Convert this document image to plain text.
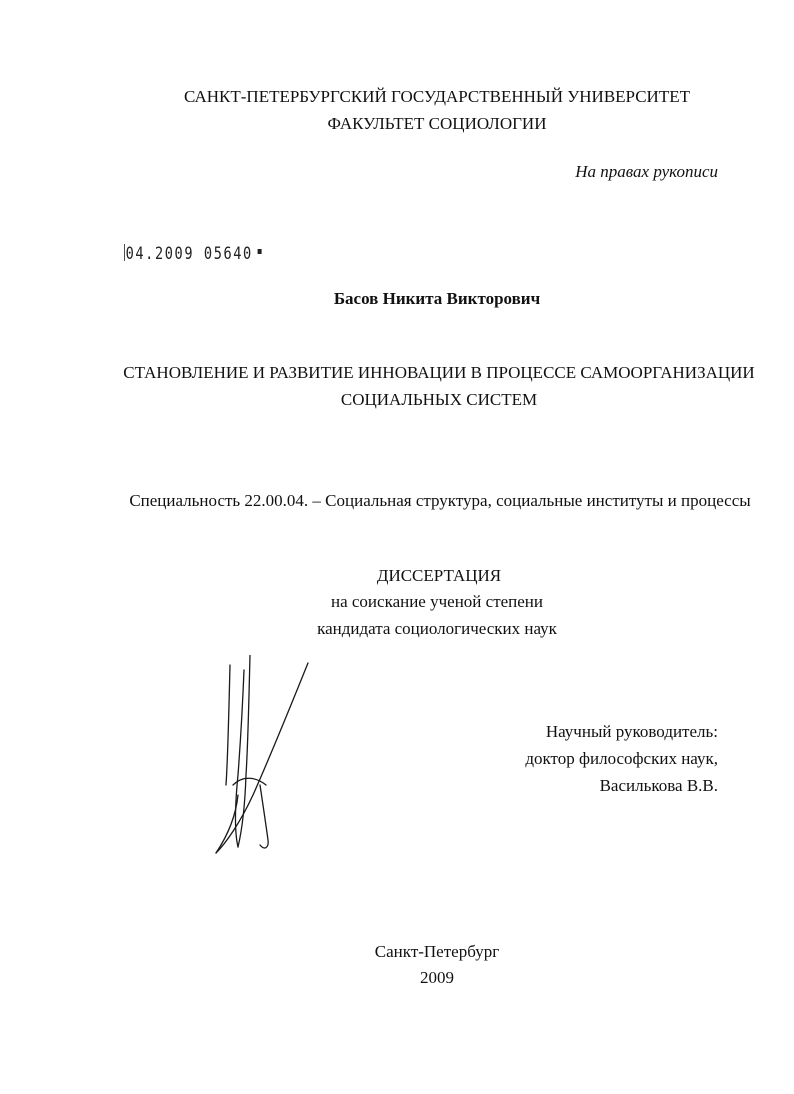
САНКТ-ПЕТЕРБУРГСКИЙ ГОСУДАРСТВЕННЫЙ УНИВЕРСИТЕТ
ФАКУЛЬТЕТ СОЦИОЛОГИИ
На правах рукописи
04.2009 05640
Басов Никита Викторович
СТАНОВЛЕНИЕ И РАЗВИТИЕ ИННОВАЦИИ В ПРОЦЕССЕ САМООРГАНИЗАЦИИ
СОЦИАЛЬНЫХ СИСТЕМ
Специальность 22.00.04. – Социальная структура, социальные институты и процессы
ДИССЕРТАЦИЯ
на соискание ученой степени
кандидата социологических наук
Научный руководитель:
доктор философских наук,
Василькова В.В.
Санкт-Петербург
2009
